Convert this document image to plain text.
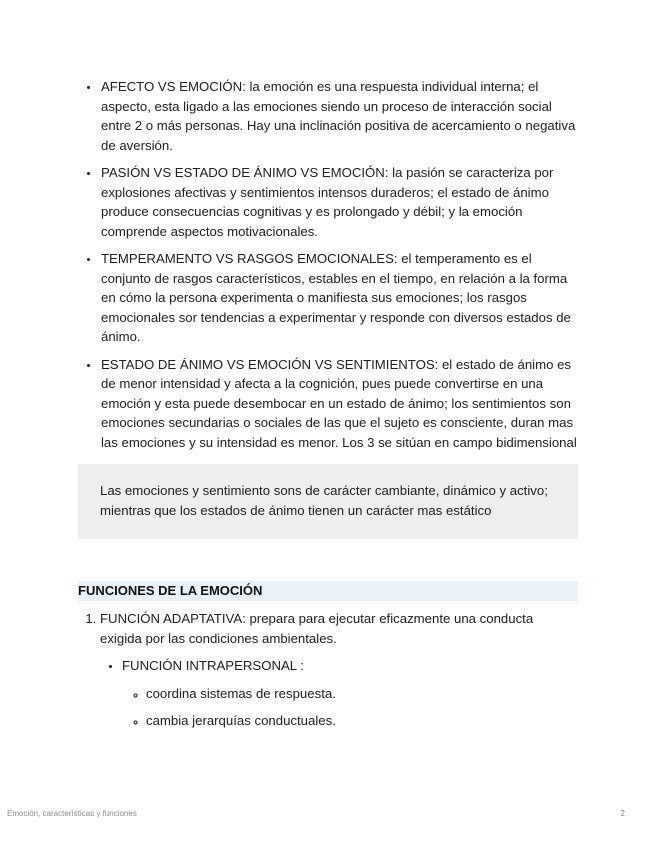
• AFECTO VS EMOCIÓN: la emoción es una respuesta individual interna; el aspecto, esta ligado a las emociones siendo un proceso de interacción social entre 2 o más personas. Hay una inclinación positiva de acercamiento o negativa de aversión.
• PASIÓN VS ESTADO DE ÁNIMO VS EMOCIÓN: la pasión se caracteriza por explosiones afectivas y sentimientos intensos duraderos; el estado de ánimo produce consecuencias cognitivas y es prolongado y débil; y la emoción comprende aspectos motivacionales.
• TEMPERAMENTO VS RASGOS EMOCIONALES: el temperamento es el conjunto de rasgos característicos, estables en el tiempo, en relación a la forma en cómo la persona experimenta o manifiesta sus emociones; los rasgos emocionales sor tendencias a experimentar y responde con diversos estados de ánimo.
• ESTADO DE ÁNIMO VS EMOCIÓN VS SENTIMIENTOS: el estado de ánimo es de menor intensidad y afecta a la cognición, pues puede convertirse en una emoción y esta puede desembocar en un estado de ánimo; los sentimientos son emociones secundarias o sociales de las que el sujeto es consciente, duran mas las emociones y su intensidad es menor. Los 3 se sitúan en campo bidimensional
Las emociones y sentimiento sons de carácter cambiante, dinámico y activo; mientras que los estados de ánimo tienen un carácter mas estático
FUNCIONES DE LA EMOCIÓN
1. FUNCIÓN ADAPTATIVA: prepara para ejecutar eficazmente una conducta exigida por las condiciones ambientales.
• FUNCIÓN INTRAPERSONAL :
◦ coordina sistemas de respuesta.
◦ cambia jerarquías conductuales.
Emoción, características y funciones	2
